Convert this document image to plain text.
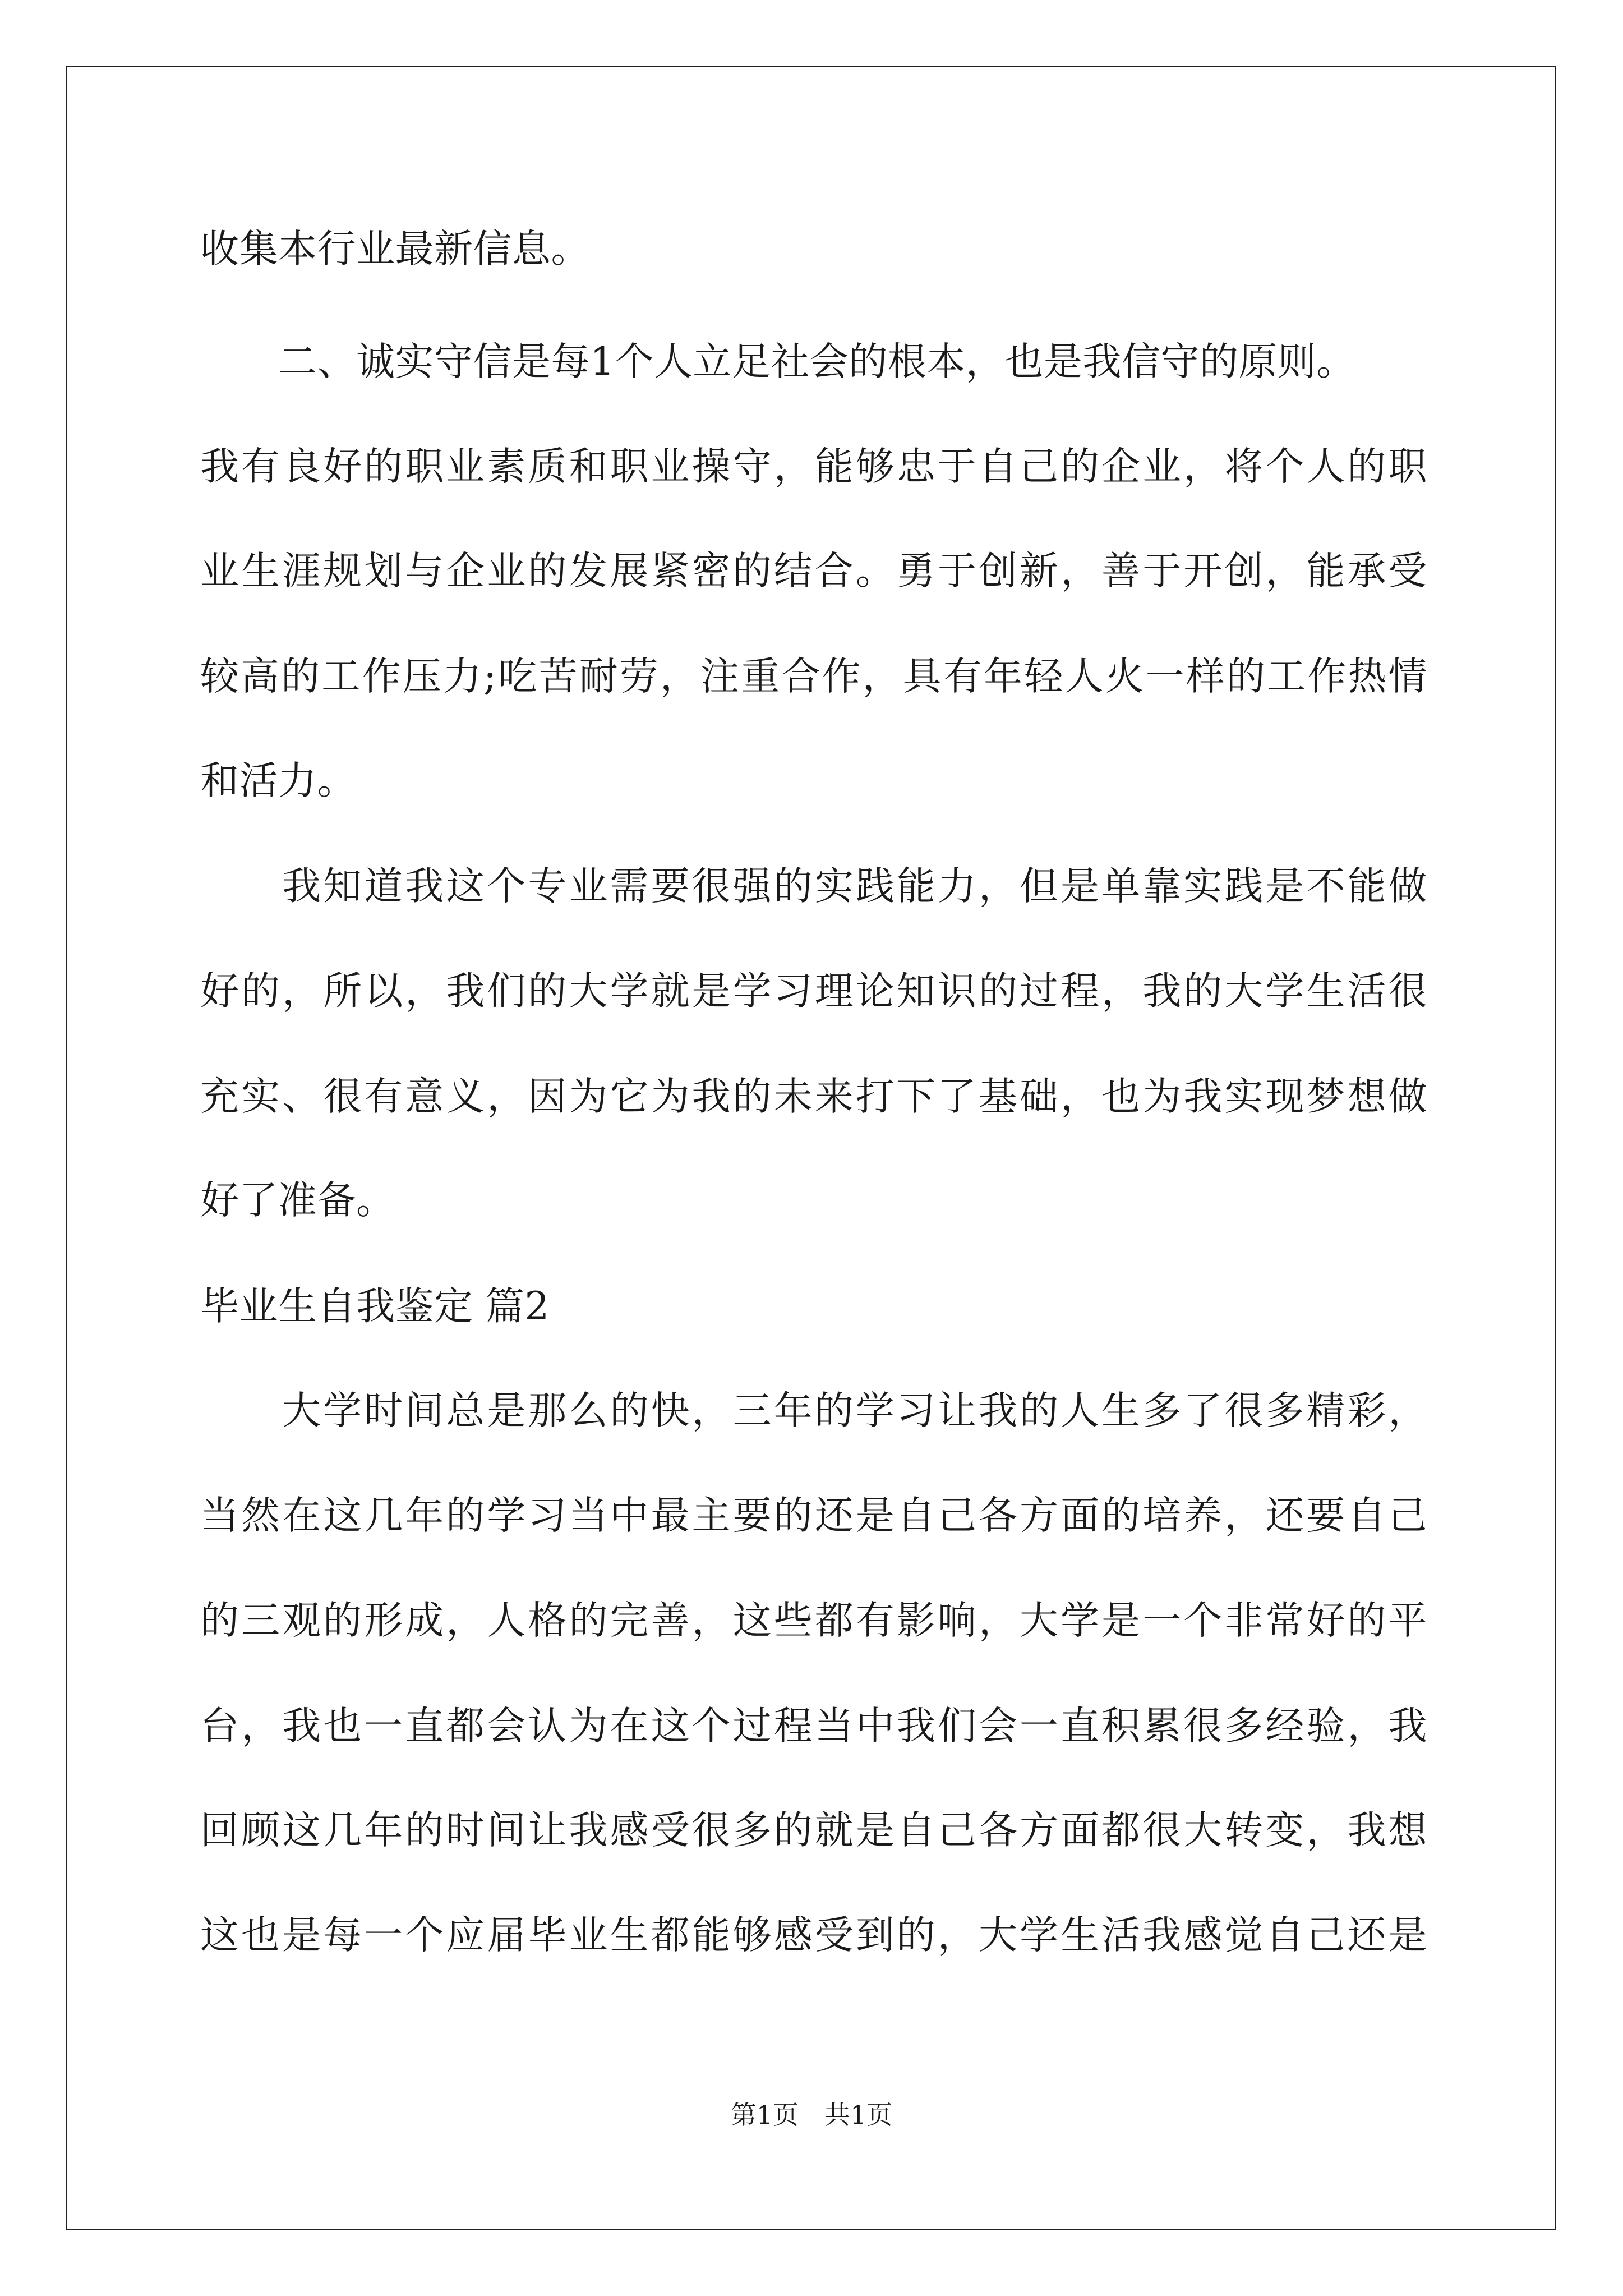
收集本行业最新信息。
　　二、诚实守信是每1个人立足社会的根本，也是我信守的原则。
我有良好的职业素质和职业操守，能够忠于自己的企业，将个人的职
业生涯规划与企业的发展紧密的结合。勇于创新，善于开创，能承受
较高的工作压力;吃苦耐劳，注重合作，具有年轻人火一样的工作热情
和活力。
　　我知道我这个专业需要很强的实践能力，但是单靠实践是不能做
好的，所以，我们的大学就是学习理论知识的过程，我的大学生活很
充实、很有意义，因为它为我的未来打下了基础，也为我实现梦想做
好了准备。
毕业生自我鉴定 篇2
　　大学时间总是那么的快，三年的学习让我的人生多了很多精彩，
当然在这几年的学习当中最主要的还是自己各方面的培养，还要自己
的三观的形成，人格的完善，这些都有影响，大学是一个非常好的平
台，我也一直都会认为在这个过程当中我们会一直积累很多经验，我
回顾这几年的时间让我感受很多的就是自己各方面都很大转变，我想
这也是每一个应届毕业生都能够感受到的，大学生活我感觉自己还是
第1页　共1页
